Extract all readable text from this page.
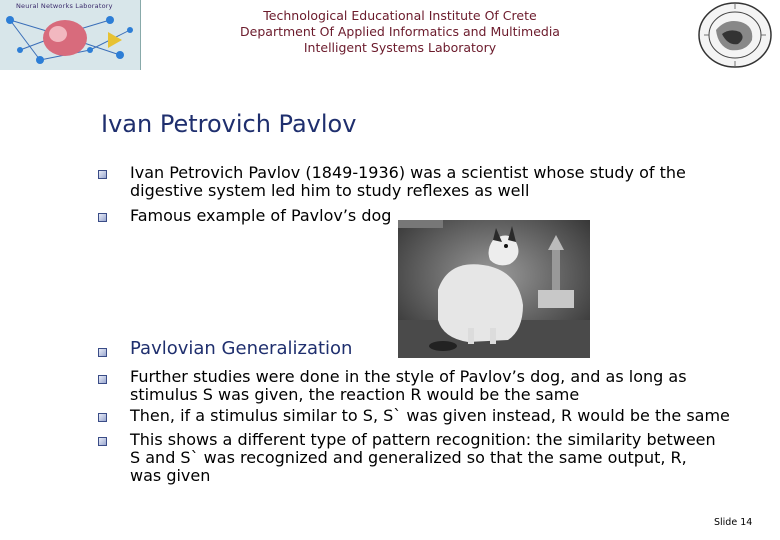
Neural Networks Laboratory
Technological Educational Institute Of Crete
Department Of Applied Informatics and Multimedia
Intelligent Systems Laboratory
Ivan Petrovich Pavlov
Ivan Petrovich Pavlov (1849-1936) was a scientist whose study of the digestive system led him to study reflexes as well
Famous example of Pavlov’s dog
Pavlovian Generalization
Further studies were done in the style of Pavlov’s dog, and as long as stimulus S was given, the reaction R would be the same
Then, if a stimulus similar to S, S` was given instead, R would be the same
This shows a different type of pattern recognition: the similarity between S and S` was recognized and generalized so that the same output, R, was given
Slide 14
